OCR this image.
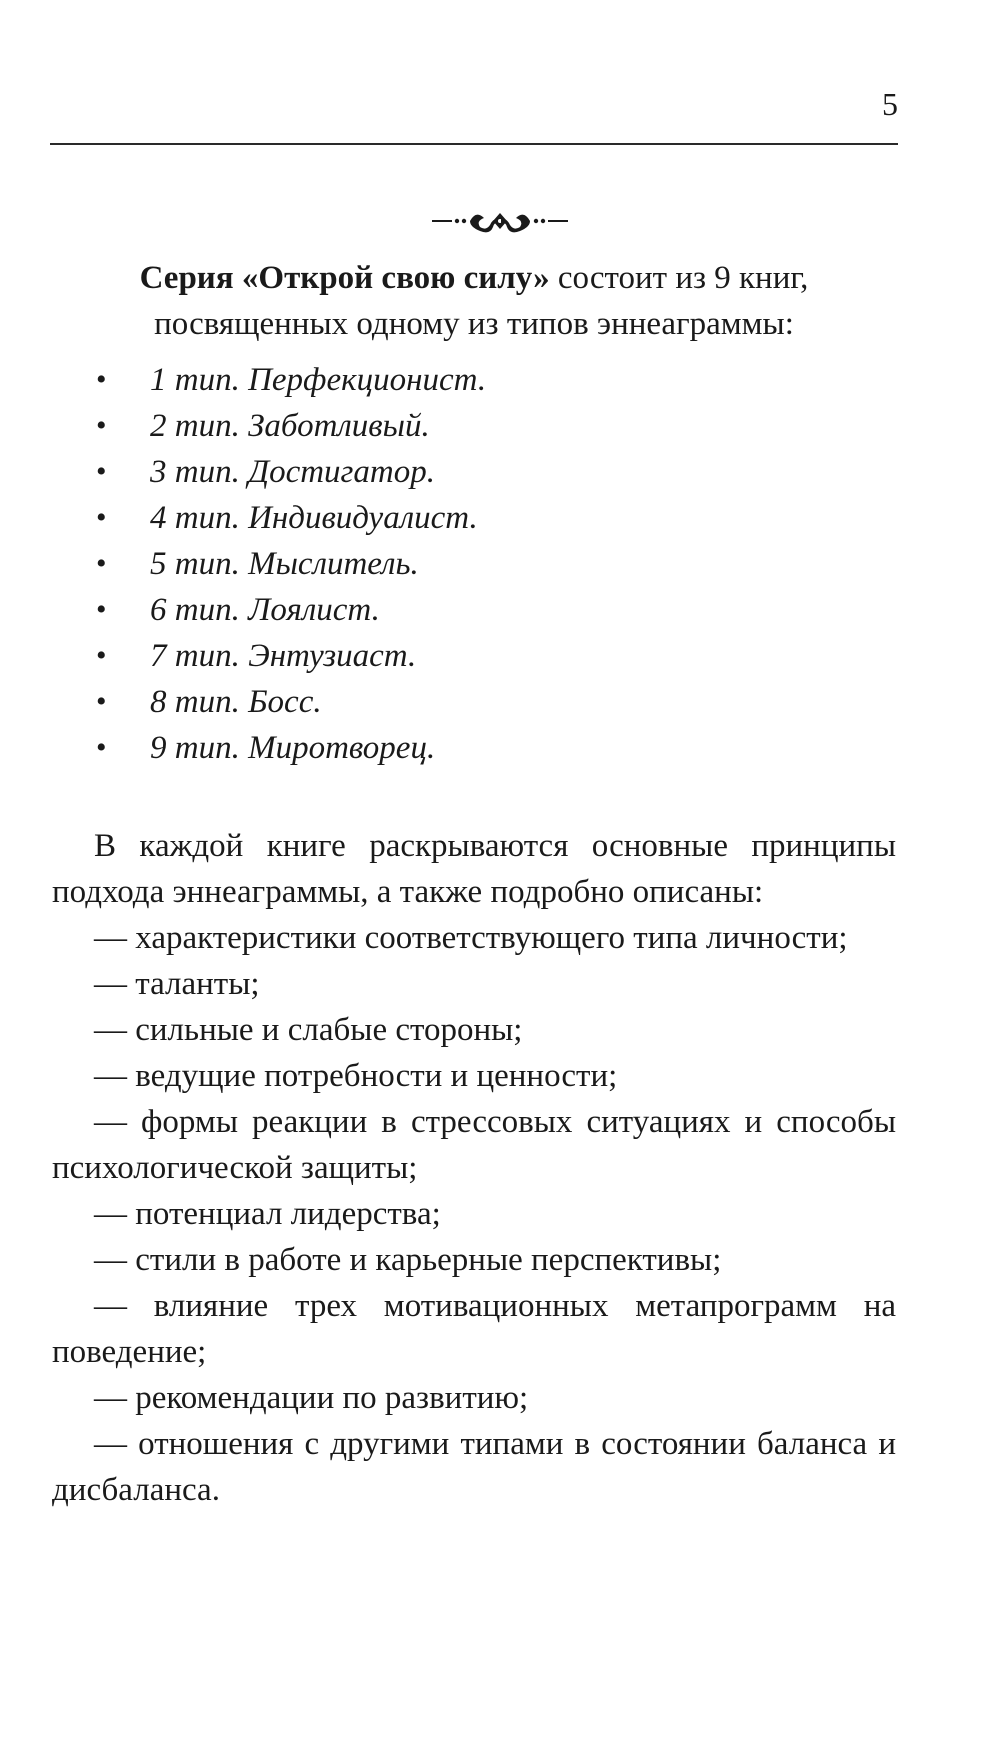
5

Серия «Открой свою силу» состоит из 9 книг, посвященных одному из типов эннеаграммы:

• 1 тип. Перфекционист.
• 2 тип. Заботливый.
• 3 тип. Достигатор.
• 4 тип. Индивидуалист.
• 5 тип. Мыслитель.
• 6 тип. Лоялист.
• 7 тип. Энтузиаст.
• 8 тип. Босс.
• 9 тип. Миротворец.

В каждой книге раскрываются основные принципы подхода эннеаграммы, а также подробно описаны:

— характеристики соответствующего типа личности;
— таланты;
— сильные и слабые стороны;
— ведущие потребности и ценности;
— формы реакции в стрессовых ситуациях и способы психологической защиты;
— потенциал лидерства;
— стили в работе и карьерные перспективы;
— влияние трех мотивационных метапрограмм на поведение;
— рекомендации по развитию;
— отношения с другими типами в состоянии баланса и дисбаланса.
